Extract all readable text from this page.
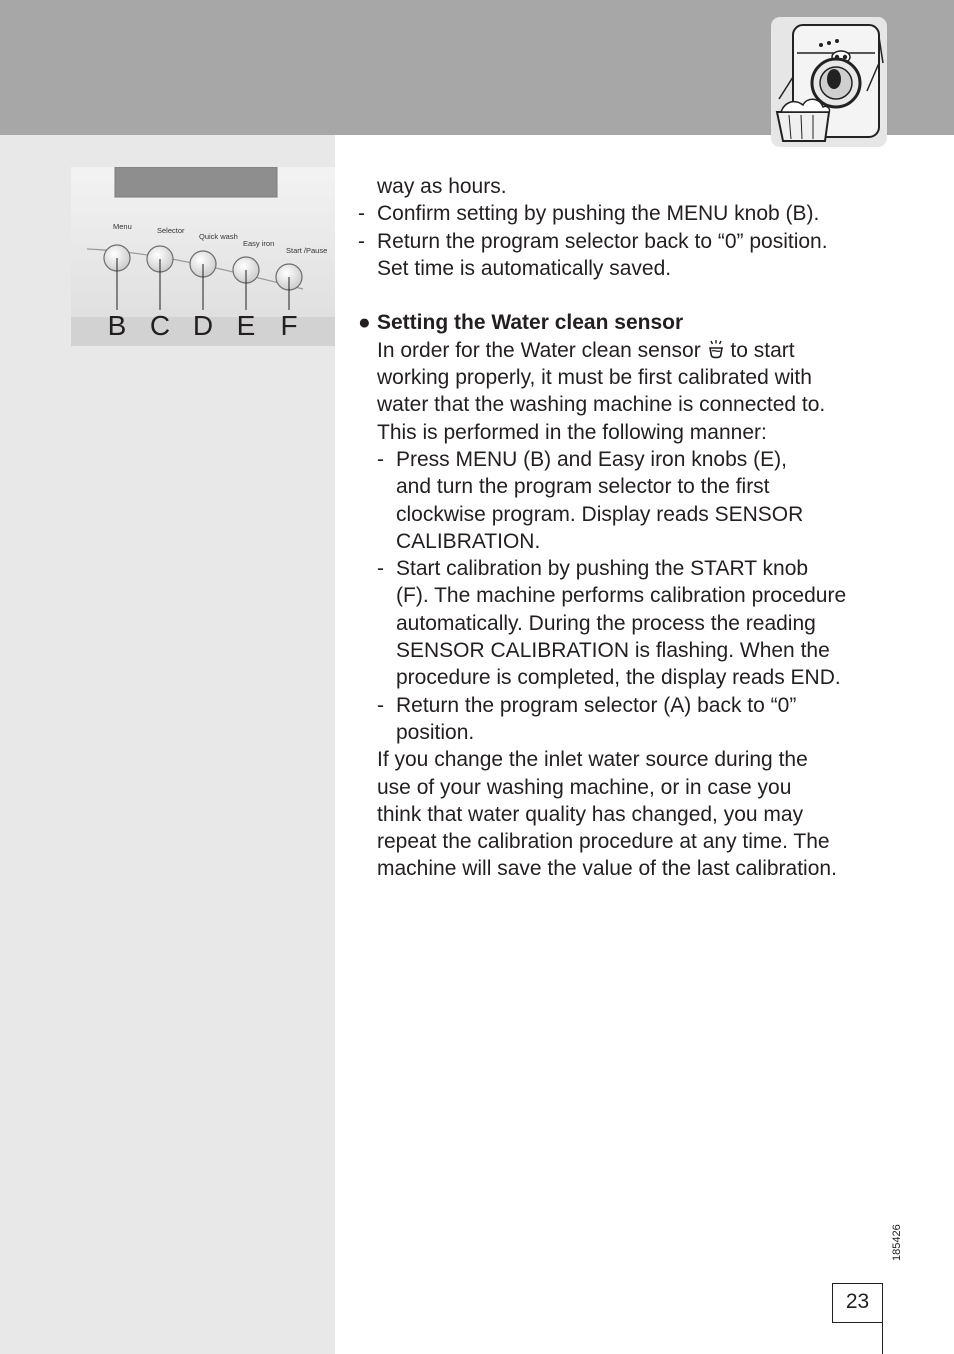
Menu	Selector
Quick wash
Easy iron
Start /Pause
B C D E F
way as hours.
- Confirm setting by pushing the MENU knob (B).
- Return the program selector back to “0” position.
Set time is automatically saved.
● Setting the Water clean sensor
In order for the Water clean sensor  to start
working properly, it must be first calibrated with
water that the washing machine is connected to.
This is performed in the following manner:
- Press MENU (B) and Easy iron knobs (E),
and turn the program selector to the first
clockwise program. Display reads SENSOR
CALIBRATION.
- Start calibration by pushing the START knob
(F). The machine performs calibration procedure
automatically. During the process the reading
SENSOR CALIBRATION is flashing. When the
procedure is completed, the display reads END.
- Return the program selector (A) back to “0”
position.
If you change the inlet water source during the
use of your washing machine, or in case you
think that water quality has changed, you may
repeat the calibration procedure at any time. The
machine will save the value of the last calibration.
185426
23
